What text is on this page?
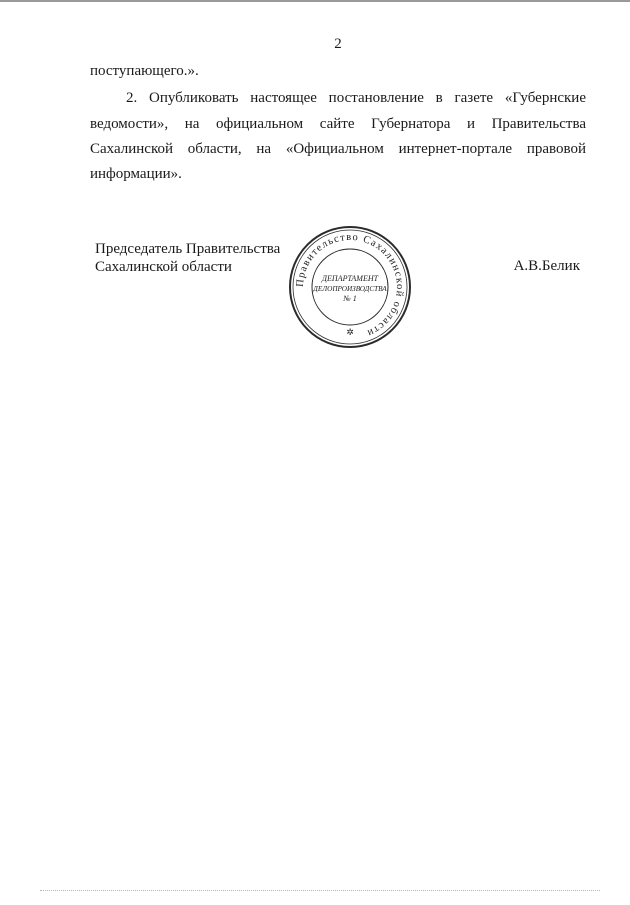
2
поступающего.».
2. Опубликовать настоящее постановление в газете «Губернские
ведомости», на официальном сайте Губернатора и Правительства
Сахалинской области, на «Официальном интернет-портале правовой
информации».
Председатель Правительства
Сахалинской области	А.В.Белик
Правительство Сахалинской области
✲
ДЕПАРТАМЕНТ
ДЕЛОПРОИЗВОДСТВА
№ 1
